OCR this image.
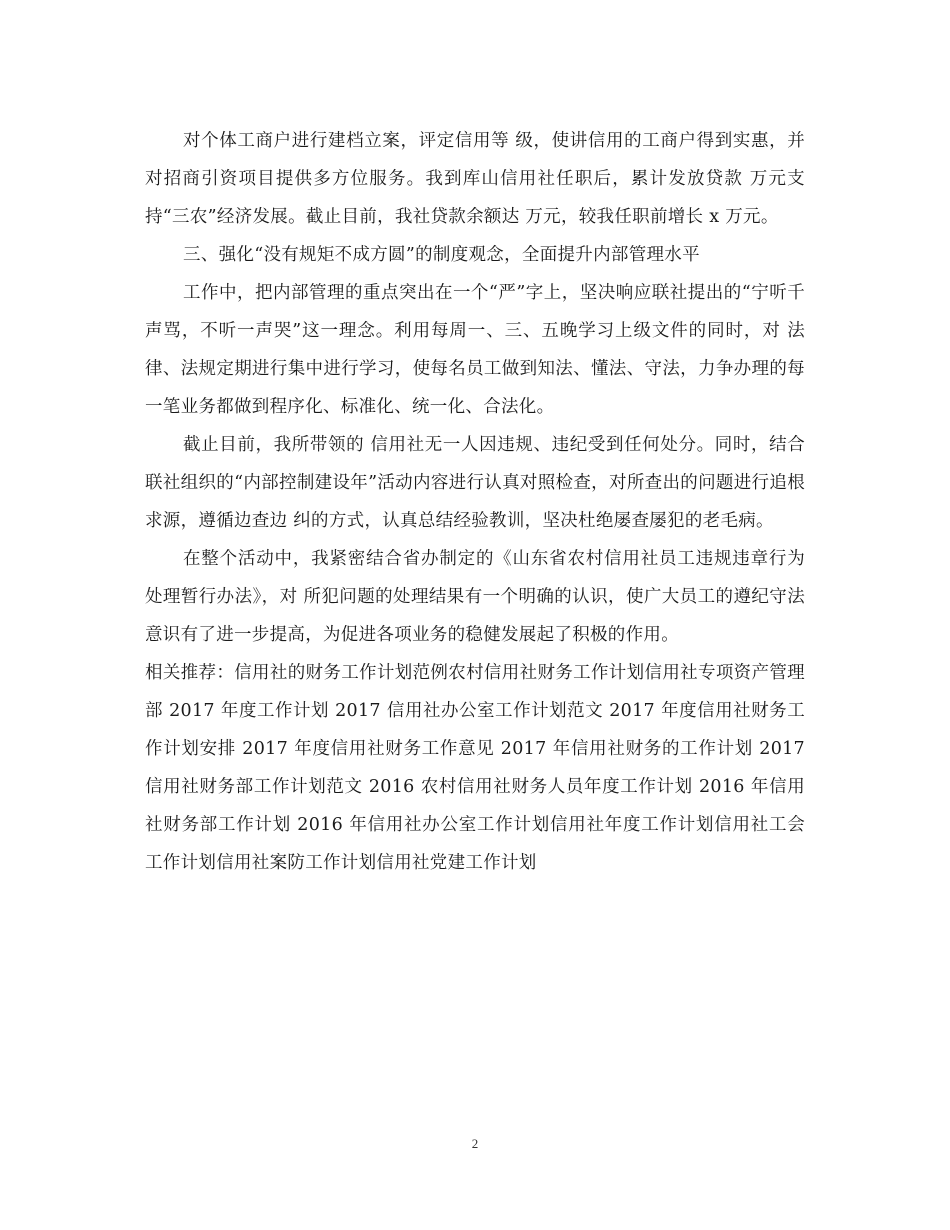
对个体工商户进行建档立案，评定信用等 级，使讲信用的工商户得到实惠，并对招商引资项目提供多方位服务。我到库山信用社任职后，累计发放贷款 万元支持“三农”经济发展。截止目前，我社贷款余额达 万元，较我任职前增长 x 万元。

三、强化“没有规矩不成方圆”的制度观念，全面提升内部管理水平

工作中，把内部管理的重点突出在一个“严”字上，坚决响应联社提出的“宁听千声骂，不听一声哭”这一理念。利用每周一、三、五晚学习上级文件的同时，对 法律、法规定期进行集中进行学习，使每名员工做到知法、懂法、守法，力争办理的每一笔业务都做到程序化、标准化、统一化、合法化。

截止目前，我所带领的 信用社无一人因违规、违纪受到任何处分。同时，结合联社组织的“内部控制建设年”活动内容进行认真对照检查，对所查出的问题进行追根求源，遵循边查边 纠的方式，认真总结经验教训，坚决杜绝屡查屡犯的老毛病。

在整个活动中，我紧密结合省办制定的《山东省农村信用社员工违规违章行为处理暂行办法》，对 所犯问题的处理结果有一个明确的认识，使广大员工的遵纪守法意识有了进一步提高，为促进各项业务的稳健发展起了积极的作用。

相关推荐：信用社的财务工作计划范例农村信用社财务工作计划信用社专项资产管理部 2017 年度工作计划 2017 信用社办公室工作计划范文 2017 年度信用社财务工作计划安排 2017 年度信用社财务工作意见 2017 年信用社财务的工作计划 2017 信用社财务部工作计划范文 2016 农村信用社财务人员年度工作计划 2016 年信用社财务部工作计划 2016 年信用社办公室工作计划信用社年度工作计划信用社工会工作计划信用社案防工作计划信用社党建工作计划

2
